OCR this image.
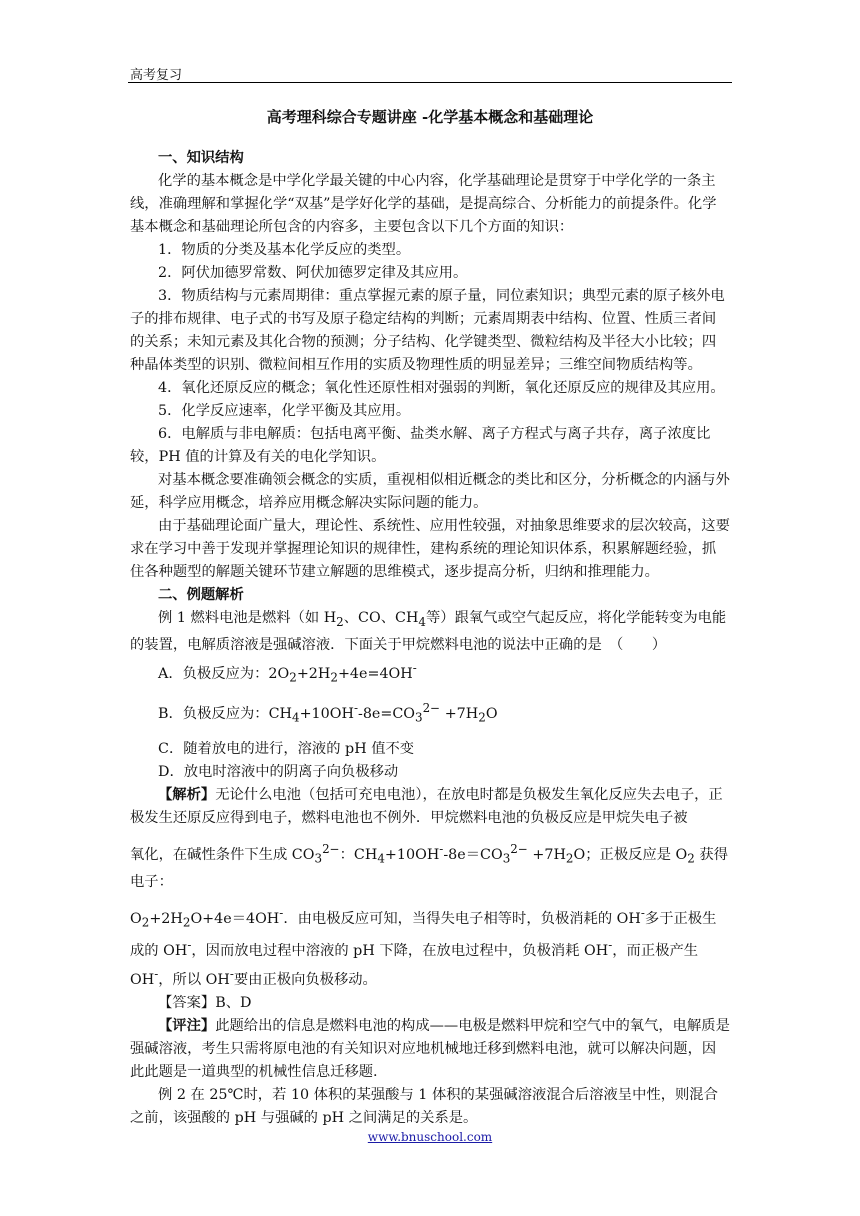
高考复习
高考理科综合专题讲座 -化学基本概念和基础理论

一、知识结构

化学的基本概念是中学化学最关键的中心内容，化学基础理论是贯穿于中学化学的一条主线，准确理解和掌握化学“双基”是学好化学的基础，是提高综合、分析能力的前提条件。化学基本概念和基础理论所包含的内容多，主要包含以下几个方面的知识：

1．物质的分类及基本化学反应的类型。

2．阿伏加德罗常数、阿伏加德罗定律及其应用。

3．物质结构与元素周期律：重点掌握元素的原子量，同位素知识；典型元素的原子核外电子的排布规律、电子式的书写及原子稳定结构的判断；元素周期表中结构、位置、性质三者间的关系；未知元素及其化合物的预测；分子结构、化学键类型、微粒结构及半径大小比较；四种晶体类型的识别、微粒间相互作用的实质及物理性质的明显差异；三维空间物质结构等。

4．氧化还原反应的概念；氧化性还原性相对强弱的判断，氧化还原反应的规律及其应用。

5．化学反应速率，化学平衡及其应用。

6．电解质与非电解质：包括电离平衡、盐类水解、离子方程式与离子共存，离子浓度比较，PH 值的计算及有关的电化学知识。

对基本概念要准确领会概念的实质，重视相似相近概念的类比和区分，分析概念的内涵与外延，科学应用概念，培养应用概念解决实际问题的能力。

由于基础理论面广量大，理论性、系统性、应用性较强，对抽象思维要求的层次较高，这要求在学习中善于发现并掌握理论知识的规律性，建构系统的理论知识体系，积累解题经验，抓住各种题型的解题关键环节建立解题的思维模式，逐步提高分析，归纳和推理能力。

二、例题解析

例 1 燃料电池是燃料（如 $H_2$、CO、$CH_4$等）跟氧气或空气起反应，将化学能转变为电能的装置，电解质溶液是强碱溶液．下面关于甲烷燃料电池的说法中正确的是　（　　）

A．负极反应为：$2O_2+2H_2+4e=4OH^-$

B．负极反应为：$CH_4+10OH^--8e=CO_3^{2-} +7H_2O$

C．随着放电的进行，溶液的 pH 值不变

D．放电时溶液中的阴离子向负极移动

【解析】无论什么电池（包括可充电电池），在放电时都是负极发生氧化反应失去电子，正极发生还原反应得到电子，燃料电池也不例外．甲烷燃料电池的负极反应是甲烷失电子被

氧化，在碱性条件下生成 $CO_3^{2-}$：$CH_4+10OH^--8e=CO_3^{2-} +7H_2O$；正极反应是 $O_2$ 获得电子：

$O_2+2H_2O+4e=4OH^-$．由电极反应可知，当得失电子相等时，负极消耗的 OH-多于正极生成的 OH-，因而放电过程中溶液的 pH 下降，在放电过程中，负极消耗 OH-，而正极产生 OH-，所以 OH-要由正极向负极移动。

【答案】B、D

【评注】此题给出的信息是燃料电池的构成——电极是燃料甲烷和空气中的氧气，电解质是强碱溶液，考生只需将原电池的有关知识对应地机械地迁移到燃料电池，就可以解决问题，因此此题是一道典型的机械性信息迁移题.

例 2 在 25℃时，若 10 体积的某强酸与 1 体积的某强碱溶液混合后溶液呈中性，则混合之前，该强酸的 pH 与强碱的 pH 之间满足的关系是。

www.bnuschool.com
